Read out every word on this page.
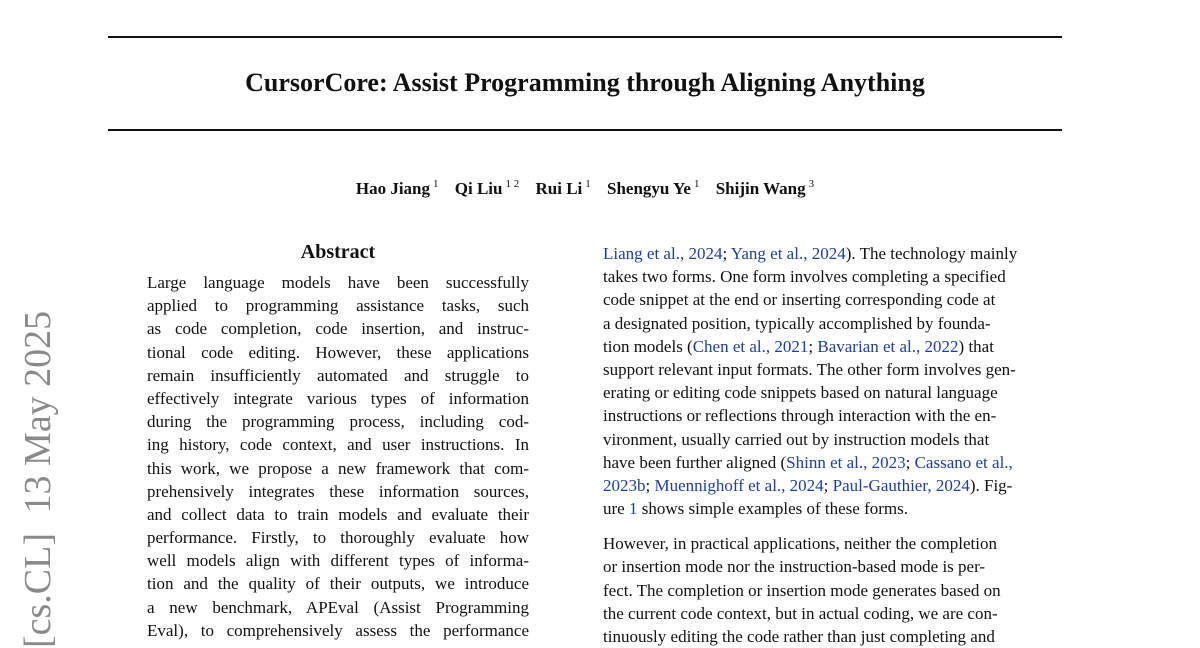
CursorCore: Assist Programming through Aligning Anything
Hao Jiang $^1$ Qi Liu $^{1 2}$ Rui Li $^1$ Shengyu Ye $^1$ Shijin Wang $^3$
[cs.CL] 13 May 2025
Abstract
Large language models have been successfully
applied to programming assistance tasks, such
as code completion, code insertion, and instruc-
tional code editing. However, these applications
remain insufficiently automated and struggle to
effectively integrate various types of information
during the programming process, including cod-
ing history, code context, and user instructions. In
this work, we propose a new framework that com-
prehensively integrates these information sources,
and collect data to train models and evaluate their
performance. Firstly, to thoroughly evaluate how
well models align with different types of informa-
tion and the quality of their outputs, we introduce
a new benchmark, APEval (Assist Programming
Eval), to comprehensively assess the performance
Liang et al., 2024; Yang et al., 2024). The technology mainly
takes two forms. One form involves completing a specified
code snippet at the end or inserting corresponding code at
a designated position, typically accomplished by founda-
tion models (Chen et al., 2021; Bavarian et al., 2022) that
support relevant input formats. The other form involves gen-
erating or editing code snippets based on natural language
instructions or reflections through interaction with the en-
vironment, usually carried out by instruction models that
have been further aligned (Shinn et al., 2023; Cassano et al.,
2023b; Muennighoff et al., 2024; Paul-Gauthier, 2024). Fig-
ure 1 shows simple examples of these forms.
However, in practical applications, neither the completion
or insertion mode nor the instruction-based mode is per-
fect. The completion or insertion mode generates based on
the current code context, but in actual coding, we are con-
tinuously editing the code rather than just completing and
